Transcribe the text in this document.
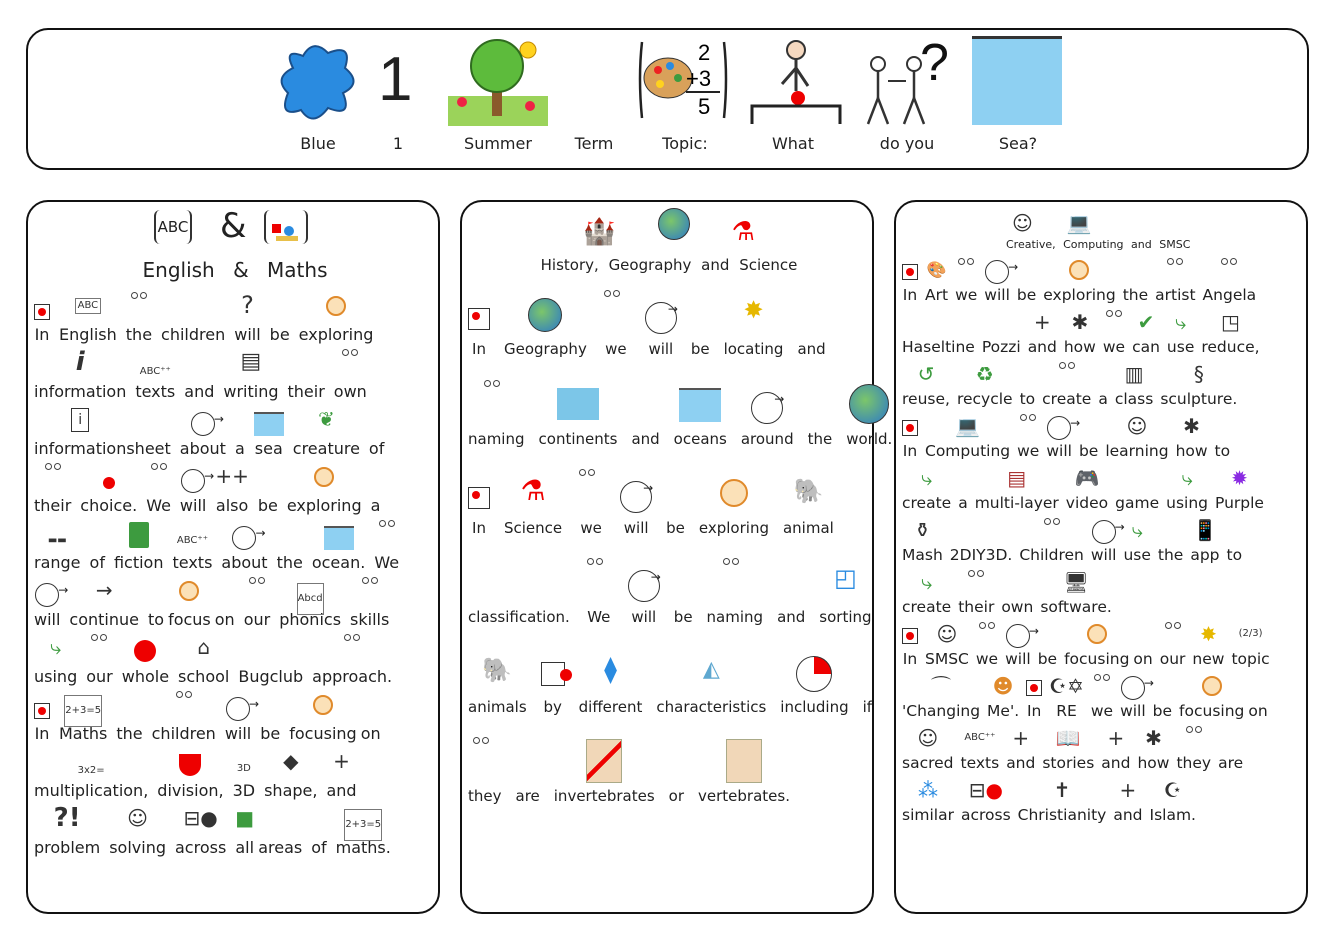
1	2
+3
5
?
Blue	1	Summer	Term	Topic:	What	do you	Sea?
ABC &
English & Maths
In
ABC
English the children
?
will be exploring
i
information
ABC⁺⁺
texts and
▤
writing their own
i
information sheet
→ about a sea
❦
creature of
their choice. We
→ will
++
also be exploring a
▬▬
range of fiction
ABC⁺⁺
texts
→ about the ocean. We
→
will
→
continue to focus on our
Abcd
phonics skills
⤷
using our whole
⌂
school Bugclub approach.
In
2+3=5
Maths the children
→ will be focusing on
3x2=
multiplication, division,
3D
3D
◆
shape,
+
and
?!
problem
☺
solving
⊟●
across
■
all areas of
2+3=5
maths.
🏰	⚗
History, Geography and Science
In Geography we
→ will be
✸
locating and
naming continents and oceans
→ around the world.
In
⚗
Science we
→ will be exploring
🐘
animal
classification. We
→ will be naming and
◰
sorting
🐘
animals by
⧫
different
◭
characteristics including if
they are invertebrates or vertebrates.
☺ 💻
Creative, Computing and SMSC
In
🎨
Art we
→ will be exploring the artist Angela
Haseltine Pozzi
+
and
✱
how we
✔
can
⤷
use
◳
reduce,
↺
reuse,
♻
recycle to create a
▥
class
§
sculpture.
In
💻
Computing we
→ will be
☺
learning
✱
how to
⤷
create a
▤
multi-layer
🎮
video game
⤷
using
✹
Purple
⚱
Mash 2DIY3D. Children
→ will
⤷
use the
📱
app to
⤷
create their own
🖥
software.
In
☺
SMSC we
→ will be focusing on our
✸
new
(2/3)
topic
⌒
'Changing
☻
Me'. In
☪✡
RE we
→ will be focusing on
☺
sacred
ABC⁺⁺
texts
+
and
📖
stories
+
and
✱
how they are
⁂
similar
⊟●
across
✝
Christianity
+
and
☪
Islam.
